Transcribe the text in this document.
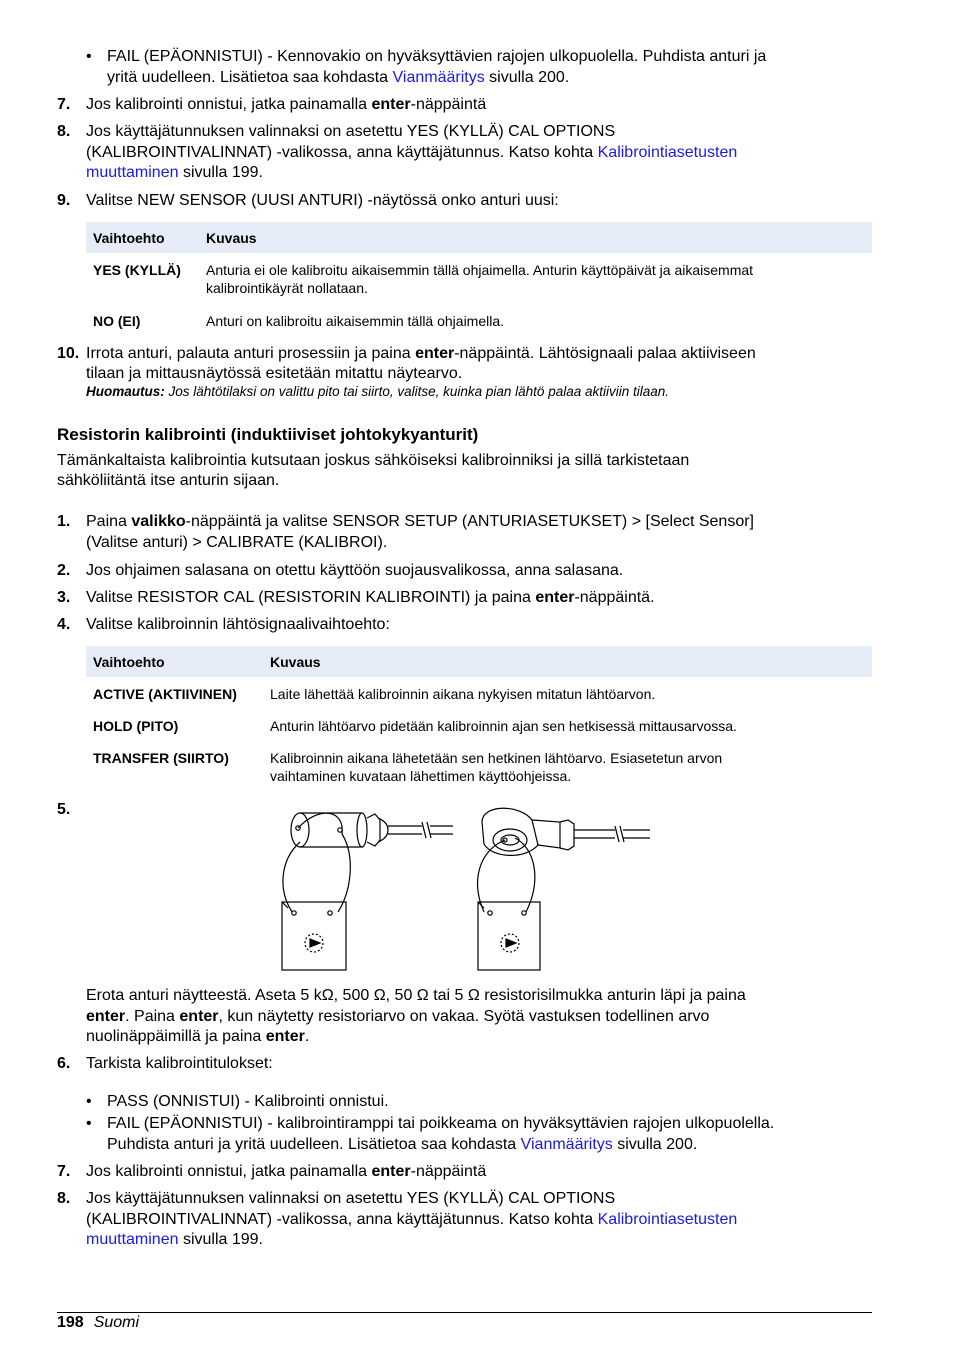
• FAIL (EPÄONNISTUI) - Kennovakio on hyväksyttävien rajojen ulkopuolella. Puhdista anturi ja
yritä uudelleen. Lisätietoa saa kohdasta Vianmääritys sivulla 200.
7. Jos kalibrointi onnistui, jatka painamalla enter-näppäintä
8. Jos käyttäjätunnuksen valinnaksi on asetettu YES (KYLLÄ) CAL OPTIONS
(KALIBROINTIVALINNAT) -valikossa, anna käyttäjätunnus. Katso kohta Kalibrointiasetusten
muuttaminen sivulla 199.
9. Valitse NEW SENSOR (UUSI ANTURI) -näytössä onko anturi uusi:
Vaihtoehto	Kuvaus
YES (KYLLÄ) Anturia ei ole kalibroitu aikaisemmin tällä ohjaimella. Anturin käyttöpäivät ja aikaisemmat
kalibrointikäyrät nollataan.
NO (EI)	Anturi on kalibroitu aikaisemmin tällä ohjaimella.
10. Irrota anturi, palauta anturi prosessiin ja paina enter-näppäintä. Lähtösignaali palaa aktiiviseen
tilaan ja mittausnäytössä esitetään mitattu näytearvo.
Huomautus: Jos lähtötilaksi on valittu pito tai siirto, valitse, kuinka pian lähtö palaa aktiiviin tilaan.
Resistorin kalibrointi (induktiiviset johtokykyanturit)
Tämänkaltaista kalibrointia kutsutaan joskus sähköiseksi kalibroinniksi ja sillä tarkistetaan
sähköliitäntä itse anturin sijaan.
1. Paina valikko-näppäintä ja valitse SENSOR SETUP (ANTURIASETUKSET) > [Select Sensor]
(Valitse anturi) > CALIBRATE (KALIBROI).
2. Jos ohjaimen salasana on otettu käyttöön suojausvalikossa, anna salasana.
3. Valitse RESISTOR CAL (RESISTORIN KALIBROINTI) ja paina enter-näppäintä.
4. Valitse kalibroinnin lähtösignaalivaihtoehto:
Vaihtoehto	Kuvaus
ACTIVE (AKTIIVINEN) Laite lähettää kalibroinnin aikana nykyisen mitatun lähtöarvon.
HOLD (PITO)	Anturin lähtöarvo pidetään kalibroinnin ajan sen hetkisessä mittausarvossa.
TRANSFER (SIIRTO)	Kalibroinnin aikana lähetetään sen hetkinen lähtöarvo. Esiasetetun arvon
vaihtaminen kuvataan lähettimen käyttöohjeissa.
5.
Erota anturi näytteestä. Aseta 5 kΩ, 500 Ω, 50 Ω tai 5 Ω resistorisilmukka anturin läpi ja paina
enter. Paina enter, kun näytetty resistoriarvo on vakaa. Syötä vastuksen todellinen arvo
nuolinäppäimillä ja paina enter.
6. Tarkista kalibrointitulokset:
• PASS (ONNISTUI) - Kalibrointi onnistui.
• FAIL (EPÄONNISTUI) - kalibrointiramppi tai poikkeama on hyväksyttävien rajojen ulkopuolella.
Puhdista anturi ja yritä uudelleen. Lisätietoa saa kohdasta Vianmääritys sivulla 200.
7. Jos kalibrointi onnistui, jatka painamalla enter-näppäintä
8. Jos käyttäjätunnuksen valinnaksi on asetettu YES (KYLLÄ) CAL OPTIONS
(KALIBROINTIVALINNAT) -valikossa, anna käyttäjätunnus. Katso kohta Kalibrointiasetusten
muuttaminen sivulla 199.
198 Suomi
